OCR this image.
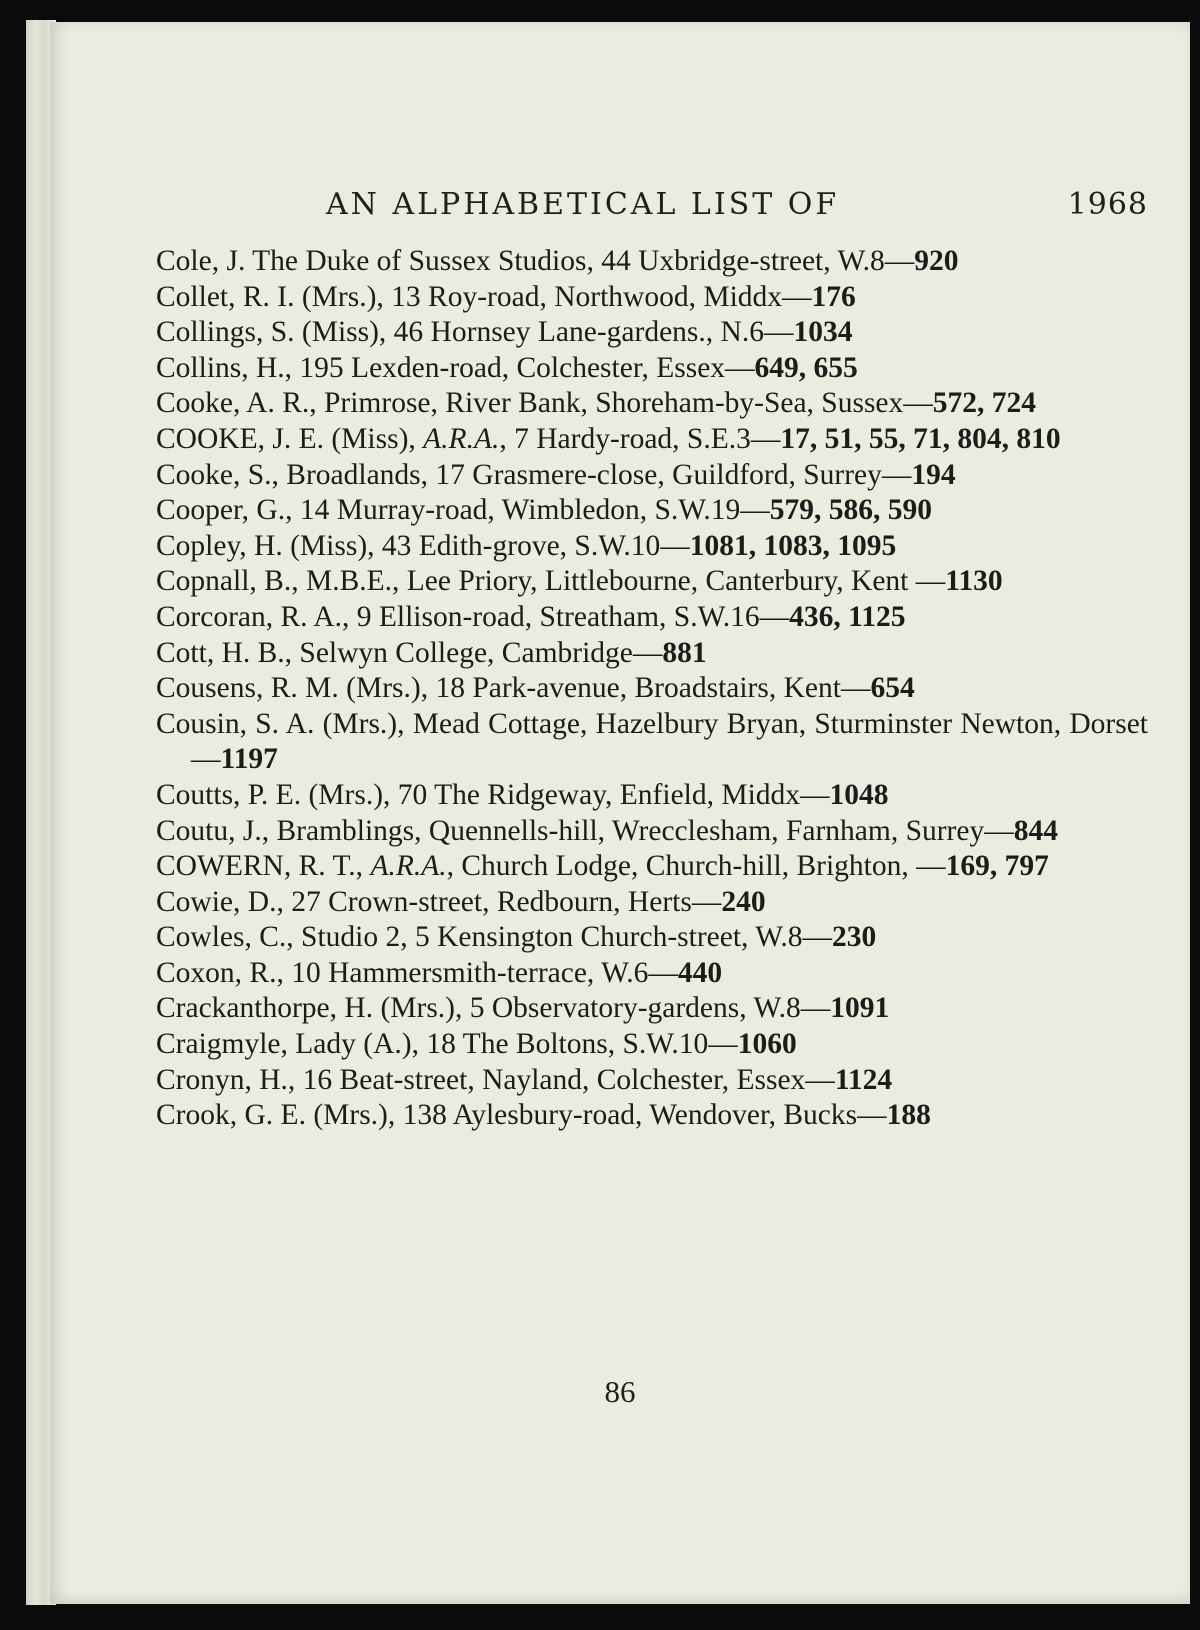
AN ALPHABETICAL LIST OF	1968
Cole, J. The Duke of Sussex Studios, 44 Uxbridge-street, W.8—920
Collet, R. I. (Mrs.), 13 Roy-road, Northwood, Middx—176
Collings, S. (Miss), 46 Hornsey Lane-gardens., N.6—1034
Collins, H., 195 Lexden-road, Colchester, Essex—649, 655
Cooke, A. R., Primrose, River Bank, Shoreham-by-Sea, Sussex—572, 724
COOKE, J. E. (Miss), A.R.A., 7 Hardy-road, S.E.3—17, 51, 55, 71, 804, 810
Cooke, S., Broadlands, 17 Grasmere-close, Guildford, Surrey—194
Cooper, G., 14 Murray-road, Wimbledon, S.W.19—579, 586, 590
Copley, H. (Miss), 43 Edith-grove, S.W.10—1081, 1083, 1095
Copnall, B., M.B.E., Lee Priory, Littlebourne, Canterbury, Kent —1130
Corcoran, R. A., 9 Ellison-road, Streatham, S.W.16—436, 1125
Cott, H. B., Selwyn College, Cambridge—881
Cousens, R. M. (Mrs.), 18 Park-avenue, Broadstairs, Kent—654
Cousin, S. A. (Mrs.), Mead Cottage, Hazelbury Bryan, Sturminster Newton, Dorset—1197
Coutts, P. E. (Mrs.), 70 The Ridgeway, Enfield, Middx—1048
Coutu, J., Bramblings, Quennells-hill, Wrecclesham, Farnham, Surrey—844
COWERN, R. T., A.R.A., Church Lodge, Church-hill, Brighton, —169, 797
Cowie, D., 27 Crown-street, Redbourn, Herts—240
Cowles, C., Studio 2, 5 Kensington Church-street, W.8—230
Coxon, R., 10 Hammersmith-terrace, W.6—440
Crackanthorpe, H. (Mrs.), 5 Observatory-gardens, W.8—1091
Craigmyle, Lady (A.), 18 The Boltons, S.W.10—1060
Cronyn, H., 16 Beat-street, Nayland, Colchester, Essex—1124
Crook, G. E. (Mrs.), 138 Aylesbury-road, Wendover, Bucks—188
86
